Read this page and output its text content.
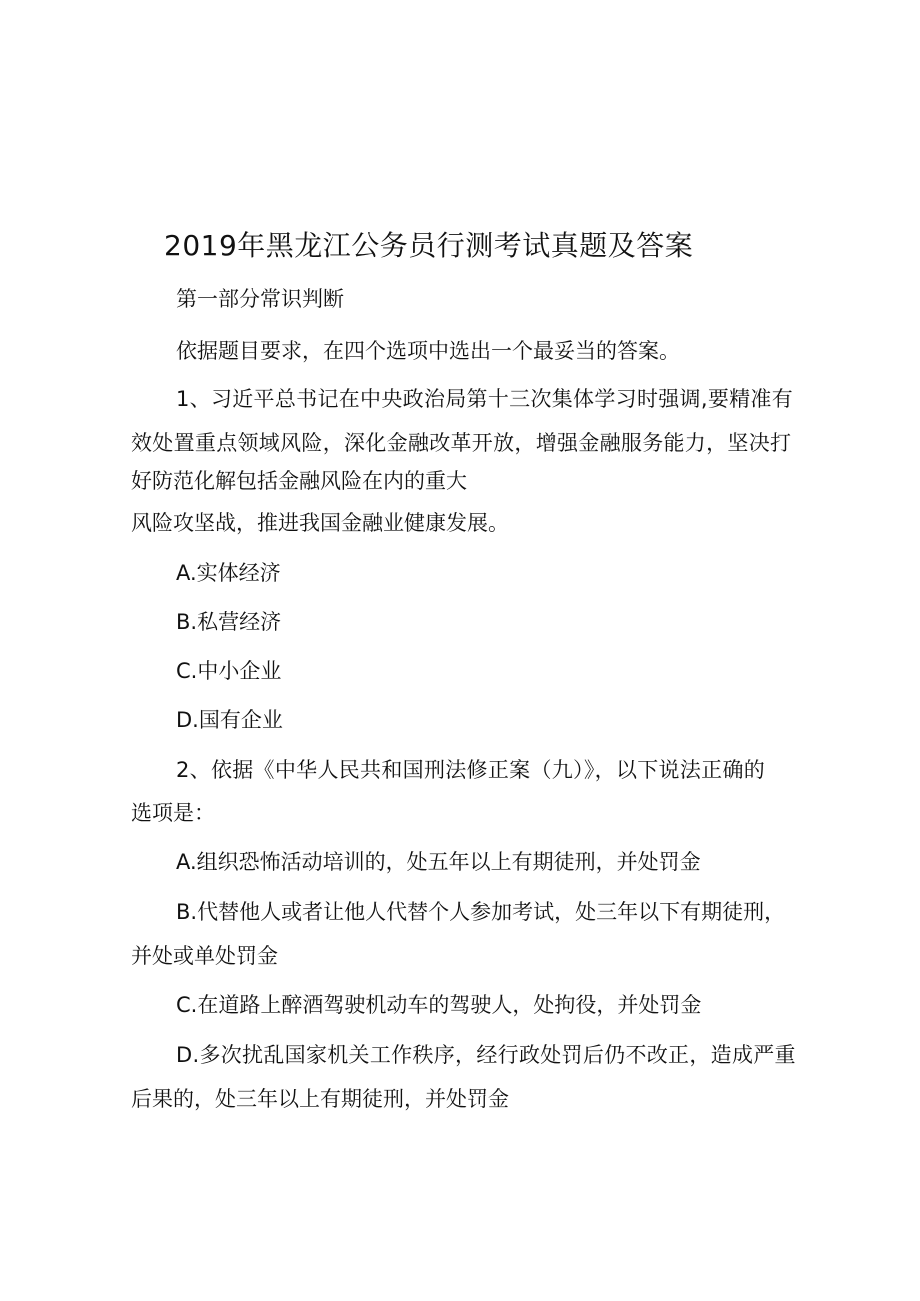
2019年黑龙江公务员行测考试真题及答案
第一部分常识判断
依据题目要求，在四个选项中选出一个最妥当的答案。
1、习近平总书记在中央政治局第十三次集体学习时强调,要精准有
效处置重点领域风险，深化金融改革开放，增强金融服务能力，坚决打
好防范化解包括金融风险在内的重大
风险攻坚战，推进我国金融业健康发展。
A.实体经济
B.私营经济
C.中小企业
D.国有企业
2、依据《中华人民共和国刑法修正案（九）》，以下说法正确的
选项是：
A.组织恐怖活动培训的，处五年以上有期徒刑，并处罚金
B.代替他人或者让他人代替个人参加考试，处三年以下有期徒刑，
并处或单处罚金
C.在道路上醉酒驾驶机动车的驾驶人，处拘役，并处罚金
D.多次扰乱国家机关工作秩序，经行政处罚后仍不改正，造成严重
后果的，处三年以上有期徒刑，并处罚金
